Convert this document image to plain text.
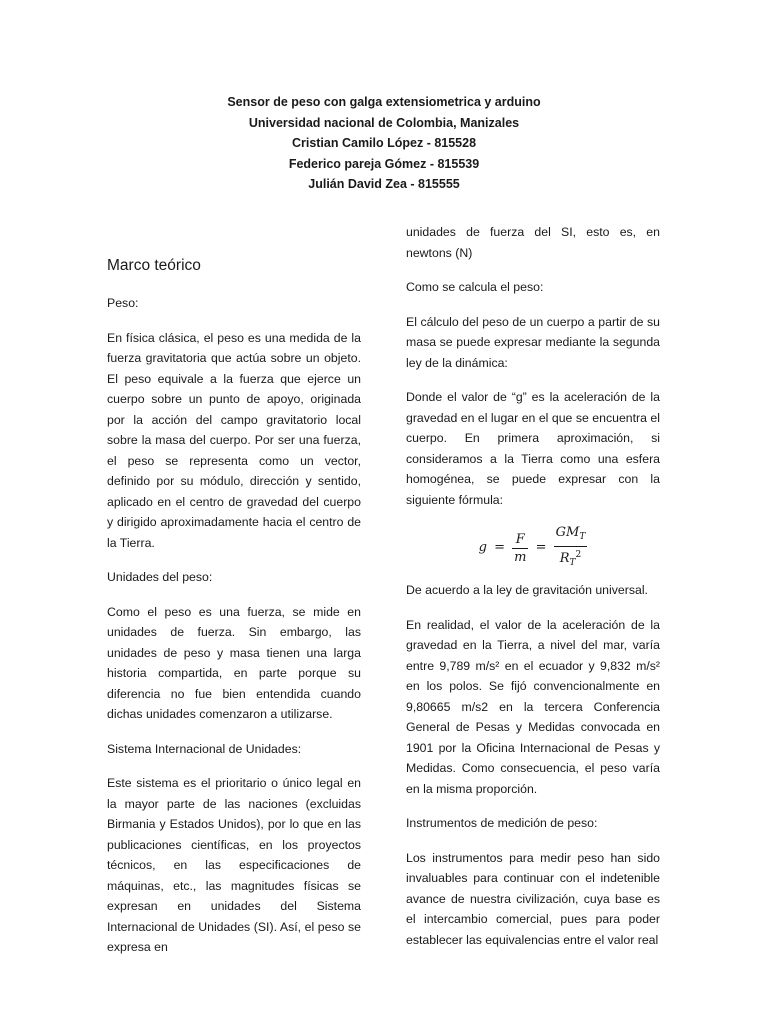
Sensor de peso con galga extensiometrica y arduino
Universidad nacional de Colombia, Manizales
Cristian Camilo López - 815528
Federico pareja Gómez - 815539
Julián David Zea - 815555
Marco teórico
Peso:

En física clásica, el peso es una medida de la fuerza gravitatoria que actúa sobre un objeto. El peso equivale a la fuerza que ejerce un cuerpo sobre un punto de apoyo, originada por la acción del campo gravitatorio local sobre la masa del cuerpo. Por ser una fuerza, el peso se representa como un vector, definido por su módulo, dirección y sentido, aplicado en el centro de gravedad del cuerpo y dirigido aproximadamente hacia el centro de la Tierra.

Unidades del peso:

Como el peso es una fuerza, se mide en unidades de fuerza. Sin embargo, las unidades de peso y masa tienen una larga historia compartida, en parte porque su diferencia no fue bien entendida cuando dichas unidades comenzaron a utilizarse.

Sistema Internacional de Unidades:

Este sistema es el prioritario o único legal en la mayor parte de las naciones (excluidas Birmania y Estados Unidos), por lo que en las publicaciones científicas, en los proyectos técnicos, en las especificaciones de máquinas, etc., las magnitudes físicas se expresan en unidades del Sistema Internacional de Unidades (SI). Así, el peso se expresa en

unidades de fuerza del SI, esto es, en newtons (N)

Como se calcula el peso:

El cálculo del peso de un cuerpo a partir de su masa se puede expresar mediante la segunda ley de la dinámica:

Donde el valor de “g” es la aceleración de la gravedad en el lugar en el que se encuentra el cuerpo. En primera aproximación, si consideramos a la Tierra como una esfera homogénea, se puede expresar con la siguiente fórmula:

$g = \frac{F}{m} = \frac{GM_T}{R_T^2}$

De acuerdo a la ley de gravitación universal.

En realidad, el valor de la aceleración de la gravedad en la Tierra, a nivel del mar, varía entre 9,789 m/s² en el ecuador y 9,832 m/s² en los polos. Se fijó convencionalmente en 9,80665 m/s2 en la tercera Conferencia General de Pesas y Medidas convocada en 1901 por la Oficina Internacional de Pesas y Medidas. Como consecuencia, el peso varía en la misma proporción.

Instrumentos de medición de peso:

Los instrumentos para medir peso han sido invaluables para continuar con el indetenible avance de nuestra civilización, cuya base es el intercambio comercial, pues para poder establecer las equivalencias entre el valor real
